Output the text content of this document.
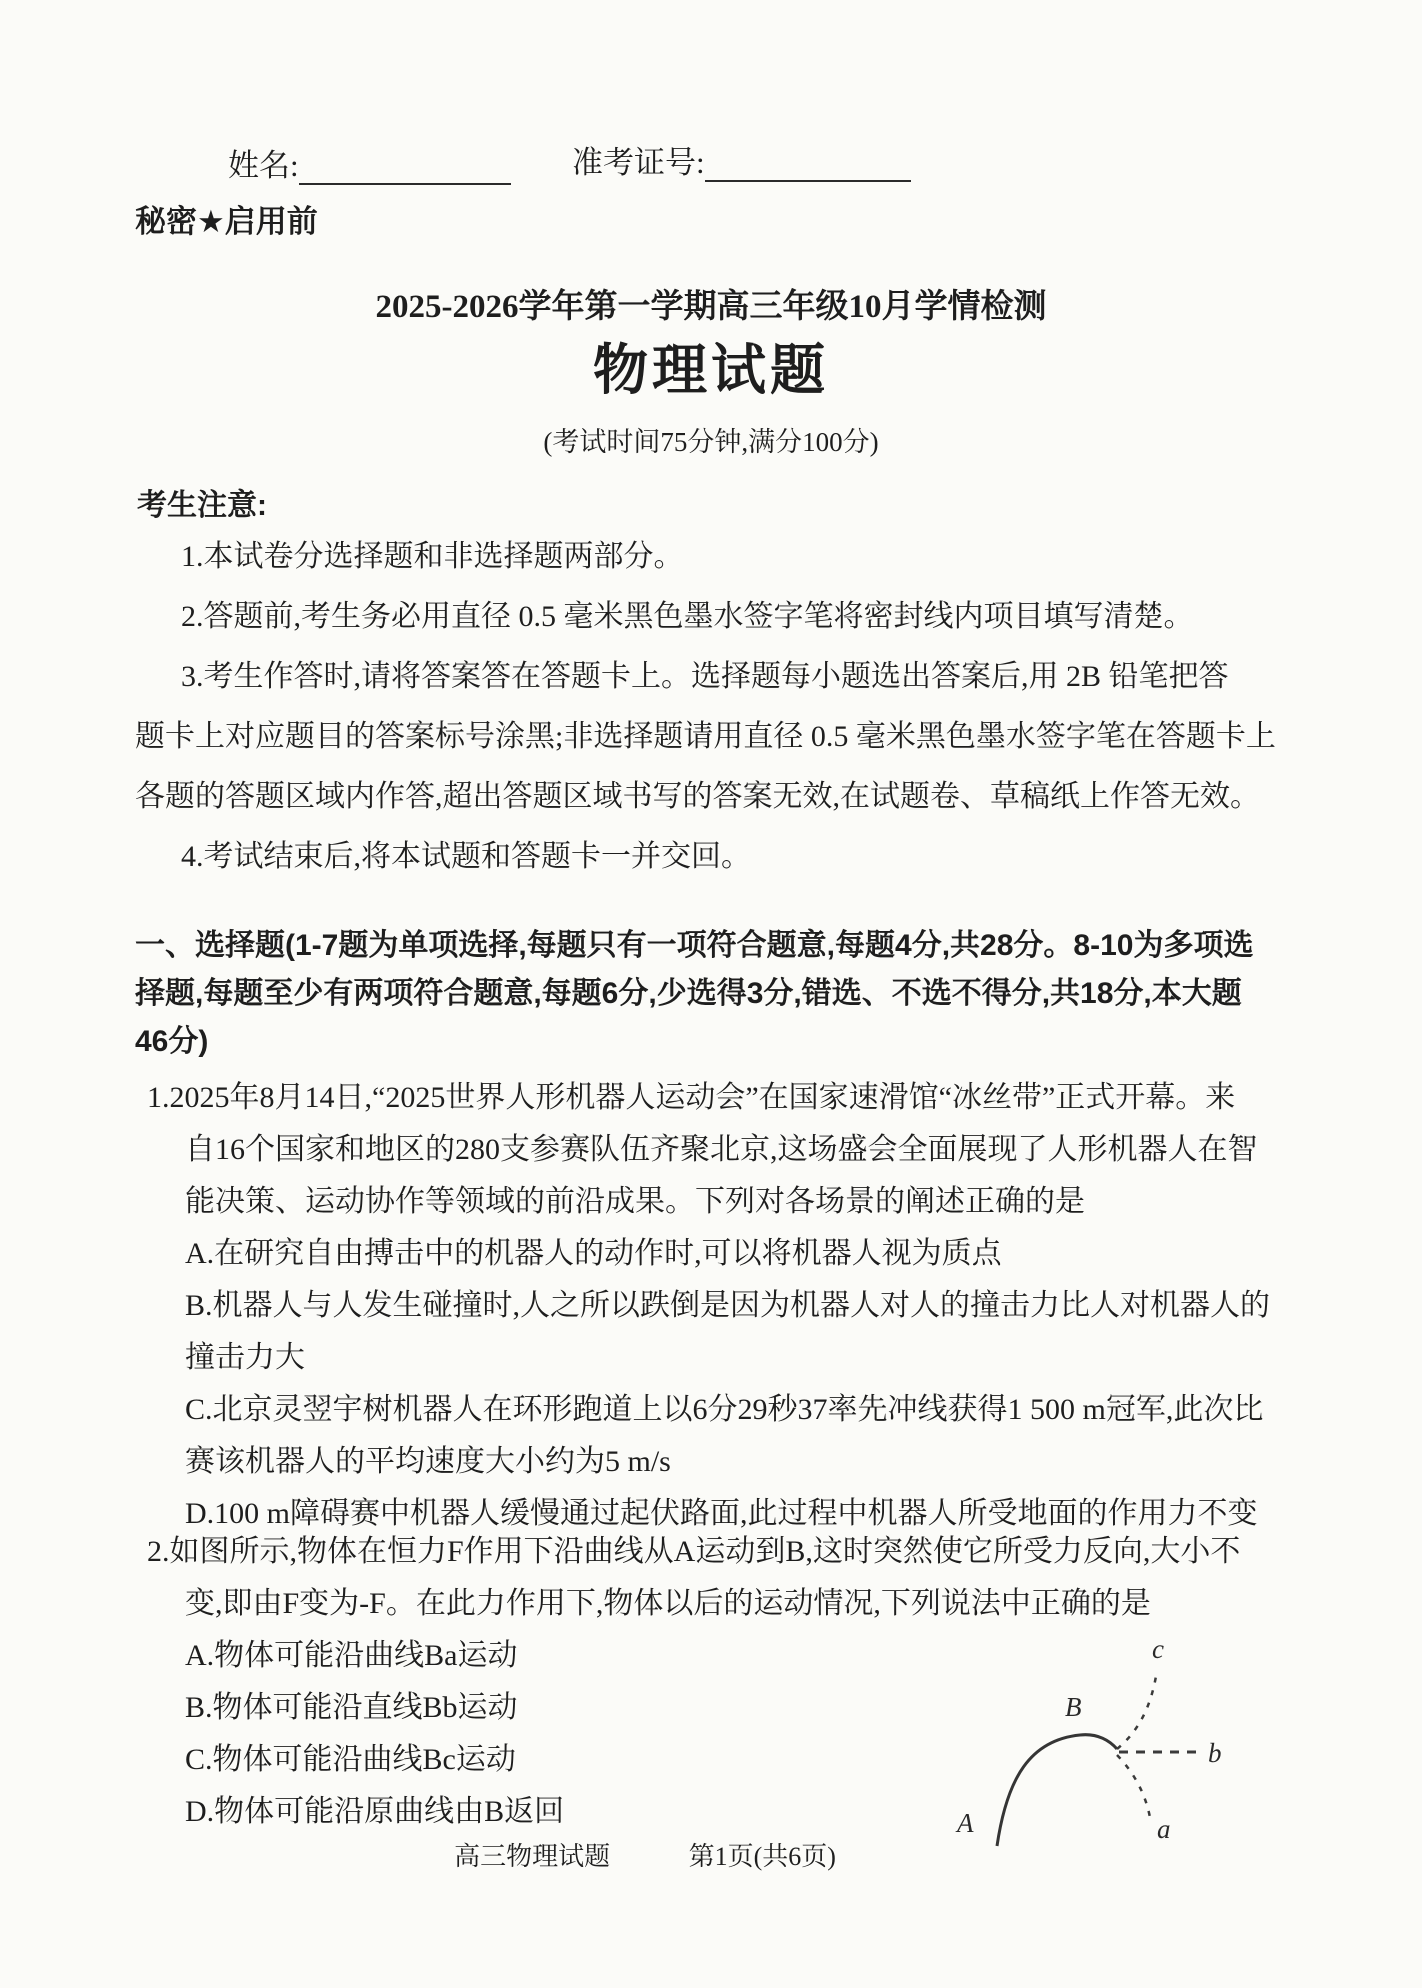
姓名:	准考证号:
秘密★启用前
2025-2026学年第一学期高三年级10月学情检测
物理试题
(考试时间75分钟,满分100分)
考生注意:
1.本试卷分选择题和非选择题两部分。
2.答题前,考生务必用直径 0.5 毫米黑色墨水签字笔将密封线内项目填写清楚。
3.考生作答时,请将答案答在答题卡上。选择题每小题选出答案后,用 2B 铅笔把答
题卡上对应题目的答案标号涂黑;非选择题请用直径 0.5 毫米黑色墨水签字笔在答题卡上
各题的答题区域内作答,超出答题区域书写的答案无效,在试题卷、草稿纸上作答无效。
4.考试结束后,将本试题和答题卡一并交回。
一、选择题(1-7题为单项选择,每题只有一项符合题意,每题4分,共28分。8-10为多项选
择题,每题至少有两项符合题意,每题6分,少选得3分,错选、不选不得分,共18分,本大题
46分)
1.2025年8月14日,“2025世界人形机器人运动会”在国家速滑馆“冰丝带”正式开幕。来
自16个国家和地区的280支参赛队伍齐聚北京,这场盛会全面展现了人形机器人在智
能决策、运动协作等领域的前沿成果。下列对各场景的阐述正确的是
A.在研究自由搏击中的机器人的动作时,可以将机器人视为质点
B.机器人与人发生碰撞时,人之所以跌倒是因为机器人对人的撞击力比人对机器人的
撞击力大
C.北京灵翌宇树机器人在环形跑道上以6分29秒37率先冲线获得1 500 m冠军,此次比
赛该机器人的平均速度大小约为5 m/s
D.100 m障碍赛中机器人缓慢通过起伏路面,此过程中机器人所受地面的作用力不变
2.如图所示,物体在恒力F作用下沿曲线从A运动到B,这时突然使它所受力反向,大小不
变,即由F变为-F。在此力作用下,物体以后的运动情况,下列说法中正确的是
A.物体可能沿曲线Ba运动
B.物体可能沿直线Bb运动
C.物体可能沿曲线Bc运动
D.物体可能沿原曲线由B返回	A
B
c
b
a
高三物理试题	第1页(共6页)
